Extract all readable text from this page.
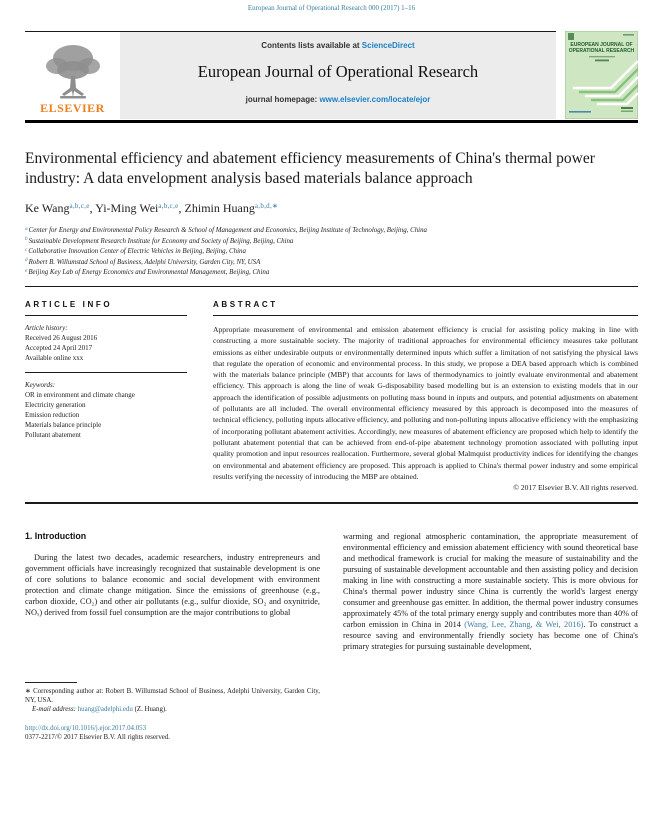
European Journal of Operational Research 000 (2017) 1–16
ELSEVIER
Contents lists available at ScienceDirect
European Journal of Operational Research
journal homepage: www.elsevier.com/locate/ejor
EUROPEAN JOURNAL OF
OPERATIONAL RESEARCH
Environmental efficiency and abatement efficiency measurements of China's thermal power industry: A data envelopment analysis based materials balance approach
Ke Wang$^{a,b,c,e}$, Yi-Ming Wei$^{a,b,c,e}$, Zhimin Huang$^{a,b,d,∗}$
$^a$Center for Energy and Environmental Policy Research & School of Management and Economics, Beijing Institute of Technology, Beijing, China
$^b$Sustainable Development Research Institute for Economy and Society of Beijing, Beijing, China
$^c$Collaborative Innovation Center of Electric Vehicles in Beijing, Beijing, China
$^d$Robert B. Willumstad School of Business, Adelphi University, Garden City, NY, USA
$^e$Beijing Key Lab of Energy Economics and Environmental Management, Beijing, China
ARTICLE INFO
Article history:
Received 26 August 2016
Accepted 24 April 2017
Available online xxx
Keywords:
OR in environment and climate change
Electricity generation
Emission reduction
Materials balance principle
Pollutant abatement
ABSTRACT

Appropriate measurement of environmental and emission abatement efficiency is crucial for assisting policy making in line with constructing a more sustainable society. The majority of traditional approaches for environmental efficiency measures take pollutant emissions as either undesirable outputs or environmentally determined inputs which suffer a limitation of not satisfying the physical laws that regulate the operation of economic and environmental process. In this study, we propose a DEA based approach which is combined with the materials balance principle (MBP) that accounts for laws of thermodynamics to jointly evaluate environmental and abatement efficiency. This approach is along the line of weak G-disposability based modelling but is an extension to existing models that in our approach the identification of possible adjustments on polluting mass bound in inputs and outputs, and potential adjustments on abatement of pollutants are all included. The overall environmental efficiency measured by this approach is decomposed into the measures of technical efficiency, polluting inputs allocative efficiency, and polluting and non-polluting inputs allocative efficiency with the emphasizing of incorporating pollutant abatement activities. Accordingly, new measures of abatement efficiency are proposed which help to identify the pollutant abatement potential that can be achieved from end-of-pipe abatement technology promotion associated with polluting input quality promotion and input resources reallocation. Furthermore, several global Malmquist productivity indices for identifying the changes on environmental and abatement efficiency are proposed. This approach is applied to China's thermal power industry and some empirical results verifying the necessity of introducing the MBP are obtained.

© 2017 Elsevier B.V. All rights reserved.
1. Introduction

During the latest two decades, academic researchers, industry entrepreneurs and government officials have increasingly recognized that sustainable development is one of core solutions to balance economic and social development with environment protection and climate change mitigation. Since the emissions of greenhouse (e.g., carbon dioxide, CO₂) and other air pollutants (e.g., sulfur dioxide, SO₂ and oxynitride, NOₓ) derived from fossil fuel consumption are the major contributions to global

∗ Corresponding author at: Robert B. Willumstad School of Business, Adelphi University, Garden City, NY, USA.
E-mail address: huang@adelphi.edu (Z. Huang).
http://dx.doi.org/10.1016/j.ejor.2017.04.053
0377-2217/© 2017 Elsevier B.V. All rights reserved.

warming and regional atmospheric contamination, the appropriate measurement of environmental efficiency and emission abatement efficiency with sound theoretical base and methodical framework is crucial for making the measure of sustainability and the pursuing of sustainable development accountable and then assisting policy and decision making in line with constructing a more sustainable society. This is more obvious for China's thermal power industry since China is currently the world's largest energy consumer and greenhouse gas emitter. In addition, the thermal power industry consumes approximately 45% of the total primary energy supply and contributes more than 40% of carbon emission in China in 2014 (Wang, Lee, Zhang, & Wei, 2016). To construct a resource saving and environmentally friendly society has become one of China's primary strategies for pursuing sustainable development,
